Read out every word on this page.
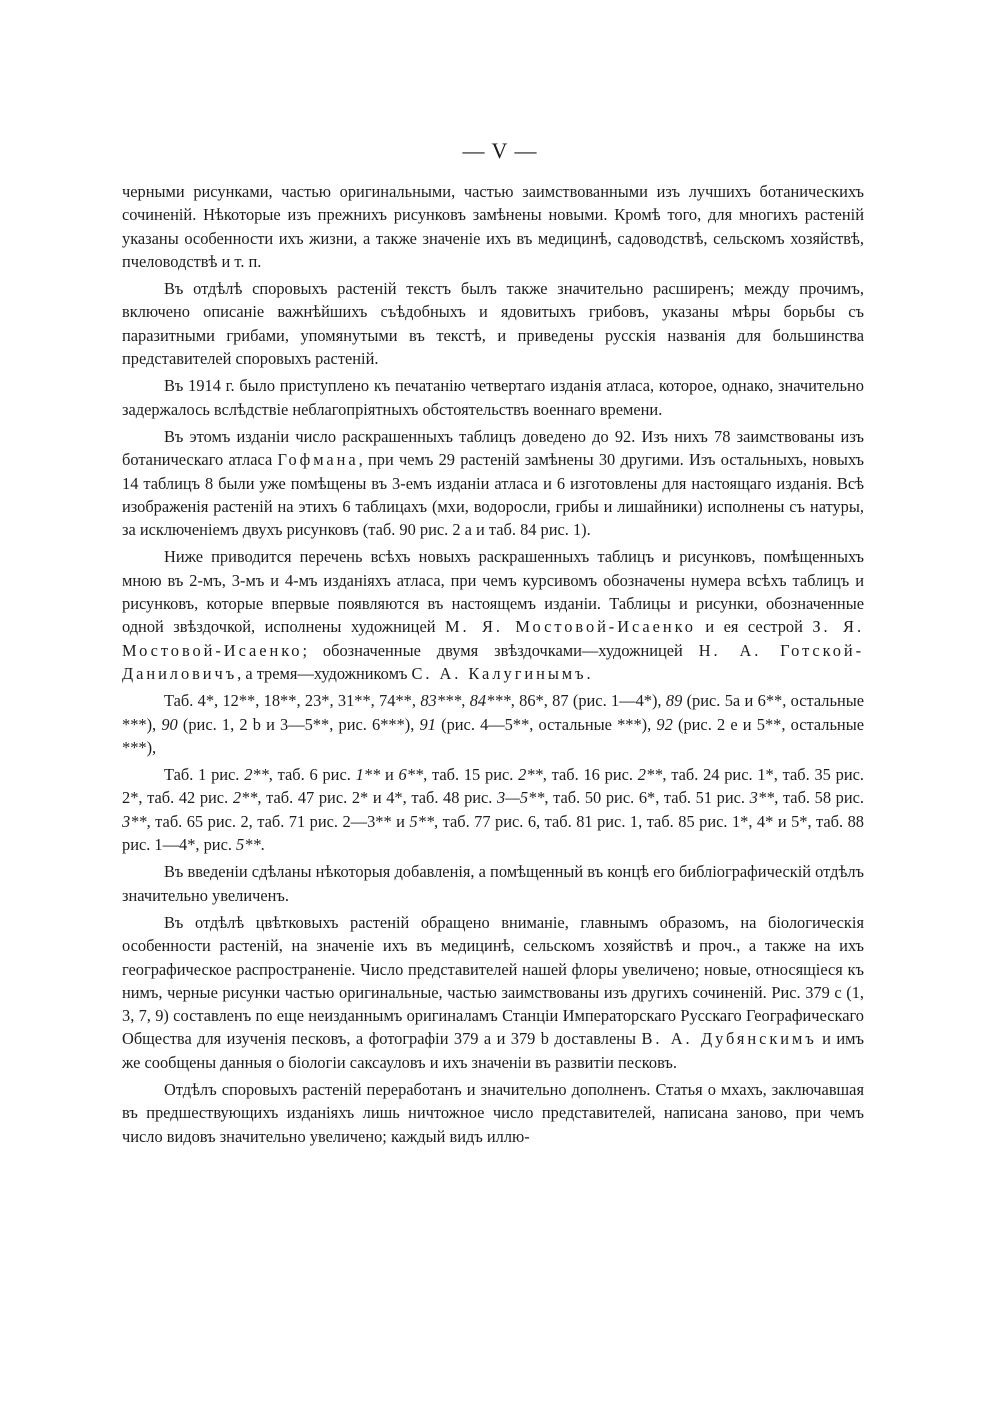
— V —

черными рисунками, частью оригинальными, частью заимствованными изъ лучшихъ ботаническихъ сочиненій. Нѣкоторые изъ прежнихъ рисунковъ замѣнены новыми. Кромѣ того, для многихъ растеній указаны особенности ихъ жизни, а также значеніе ихъ въ медицинѣ, садоводствѣ, сельскомъ хозяйствѣ, пчеловодствѣ и т. п.

Въ отдѣлѣ споровыхъ растеній текстъ былъ также значительно расширенъ; между прочимъ, включено описаніе важнѣйшихъ съѣдобныхъ и ядовитыхъ грибовъ, указаны мѣры борьбы съ паразитными грибами, упомянутыми въ текстѣ, и приведены русскія названія для большинства представителей споровыхъ растеній.

Въ 1914 г. было приступлено къ печатанію четвертаго изданія атласа, которое, однако, значительно задержалось вслѣдствіе неблагопріятныхъ обстоятельствъ военнаго времени.

Въ этомъ изданіи число раскрашенныхъ таблицъ доведено до 92. Изъ нихъ 78 заимствованы изъ ботаническаго атласа Гофмана, при чемъ 29 растеній замѣнены 30 другими. Изъ остальныхъ, новыхъ 14 таблицъ 8 были уже помѣщены въ 3-емъ изданіи атласа и 6 изготовлены для настоящаго изданія. Всѣ изображенія растеній на этихъ 6 таблицахъ (мхи, водоросли, грибы и лишайники) исполнены съ натуры, за исключеніемъ двухъ рисунковъ (таб. 90 рис. 2 а и таб. 84 рис. 1).

Ниже приводится перечень всѣхъ новыхъ раскрашенныхъ таблицъ и рисунковъ, помѣщенныхъ мною въ 2-мъ, 3-мъ и 4-мъ изданіяхъ атласа, при чемъ курсивомъ обозначены нумера всѣхъ таблицъ и рисунковъ, которые впервые появляются въ настоящемъ изданіи. Таблицы и рисунки, обозначенные одной звѣздочкой, исполнены художницей М. Я. Мостовой-Исаенко и ея сестрой З. Я. Мостовой-Исаенко; обозначенные двумя звѣздочками—художницей Н. А. Готской-Даниловичъ, а тремя—художникомъ С. А. Калугинымъ.

Таб. 4*, 12**, 18**, 23*, 31**, 74**, 83***, 84***, 86*, 87 (рис. 1—4*), 89 (рис. 5а и 6**, остальные ***), 90 (рис. 1, 2 b и 3—5**, рис. 6***), 91 (рис. 4—5**, остальные ***), 92 (рис. 2 е и 5**, остальные ***),

Таб. 1 рис. 2**, таб. 6 рис. 1** и 6**, таб. 15 рис. 2**, таб. 16 рис. 2**, таб. 24 рис. 1*, таб. 35 рис. 2*, таб. 42 рис. 2**, таб. 47 рис. 2* и 4*, таб. 48 рис. 3—5**, таб. 50 рис. 6*, таб. 51 рис. 3**, таб. 58 рис. 3**, таб. 65 рис. 2, таб. 71 рис. 2—3** и 5**, таб. 77 рис. 6, таб. 81 рис. 1, таб. 85 рис. 1*, 4* и 5*, таб. 88 рис. 1—4*, рис. 5**.

Въ введеніи сдѣланы нѣкоторыя добавленія, а помѣщенный въ концѣ его библіографическій отдѣлъ значительно увеличенъ.

Въ отдѣлѣ цвѣтковыхъ растеній обращено вниманіе, главнымъ образомъ, на біологическія особенности растеній, на значеніе ихъ въ медицинѣ, сельскомъ хозяйствѣ и проч., а также на ихъ географическое распространеніе. Число представителей нашей флоры увеличено; новые, относящіеся къ нимъ, черные рисунки частью оригинальные, частью заимствованы изъ другихъ сочиненій. Рис. 379 с (1, 3, 7, 9) составленъ по еще неизданнымъ оригиналамъ Станціи Императорскаго Русскаго Географическаго Общества для изученія песковъ, а фотографіи 379 а и 379 b доставлены В. А. Дубянскимъ и имъ же сообщены данныя о біологіи саксауловъ и ихъ значеніи въ развитіи песковъ.

Отдѣлъ споровыхъ растеній переработанъ и значительно дополненъ. Статья о мхахъ, заключавшая въ предшествующихъ изданіяхъ лишь ничтожное число представителей, написана заново, при чемъ число видовъ значительно увеличено; каждый видъ иллю-
